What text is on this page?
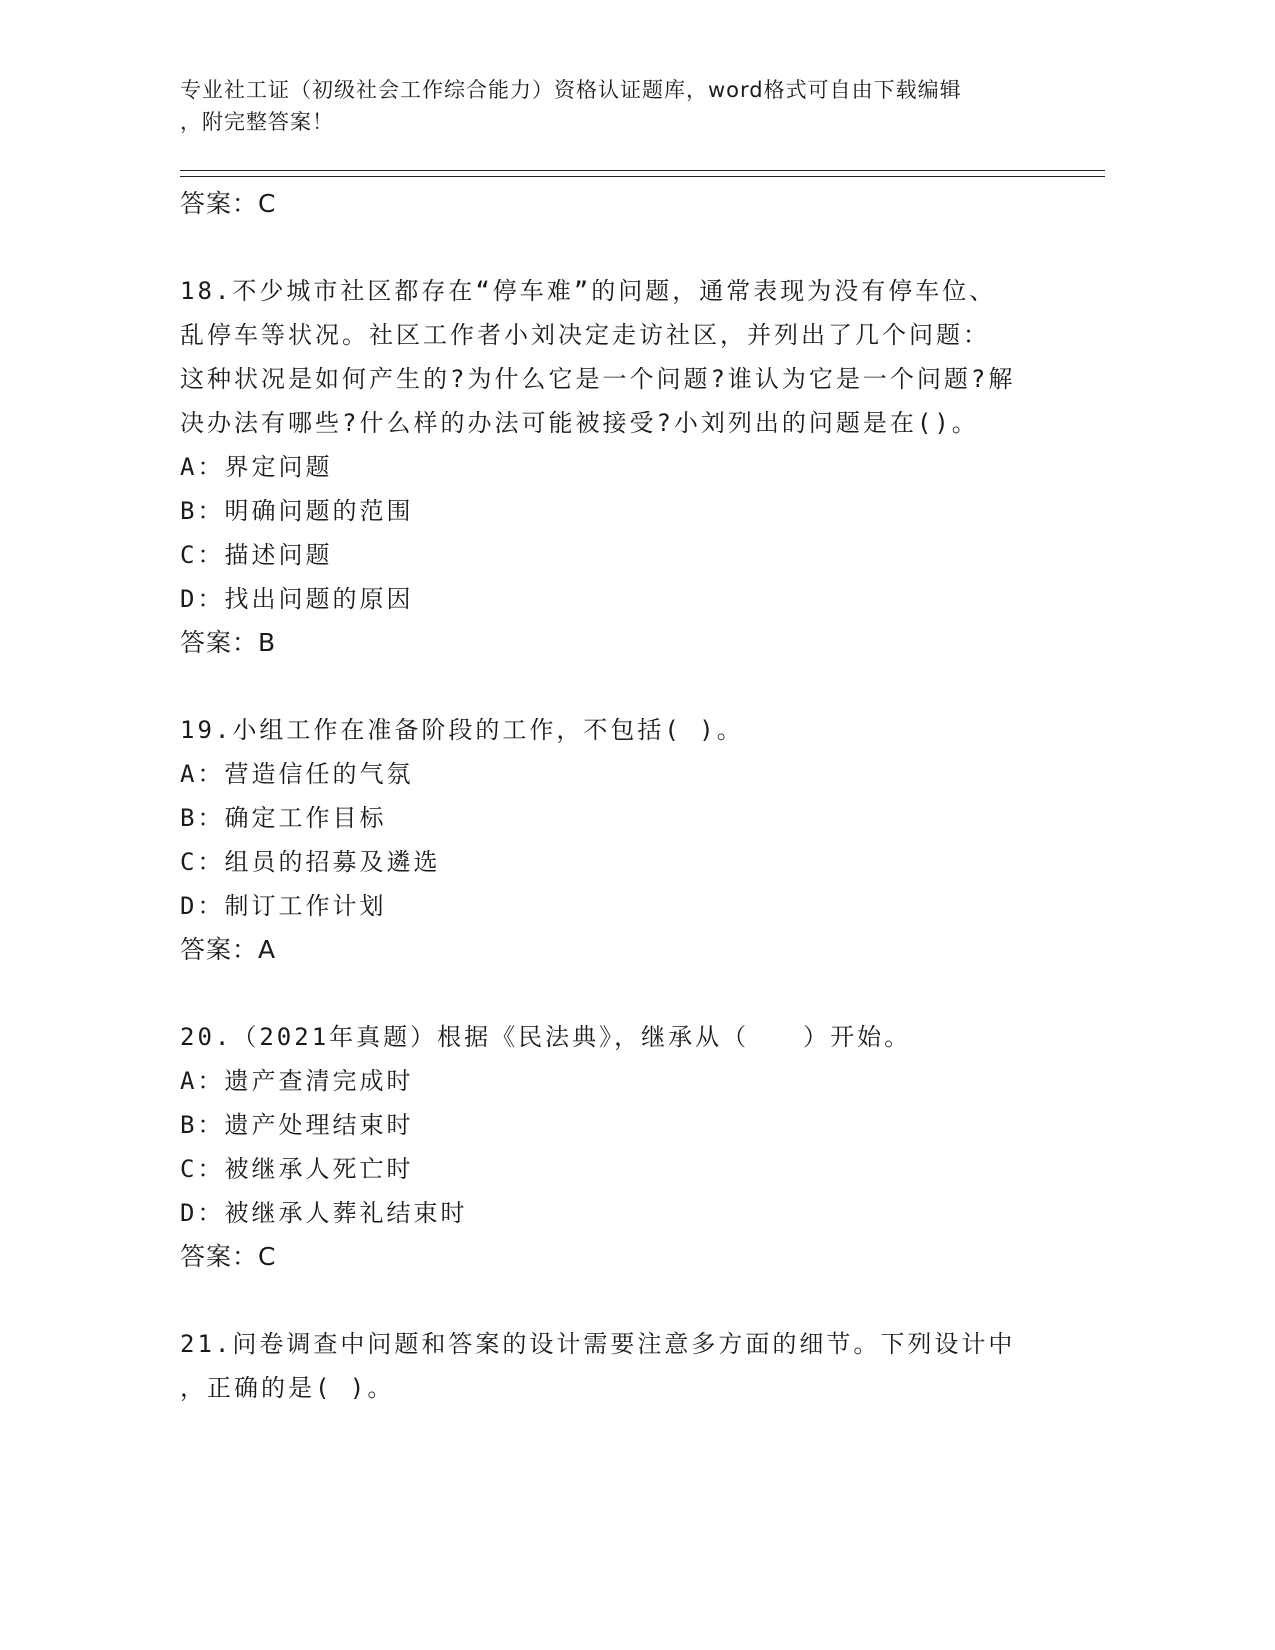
专业社工证（初级社会工作综合能力）资格认证题库，word格式可自由下载编辑
，附完整答案！
答案：C
18.不少城市社区都存在“停车难”的问题，通常表现为没有停车位、
乱停车等状况。社区工作者小刘决定走访社区，并列出了几个问题：
这种状况是如何产生的?为什么它是一个问题?谁认为它是一个问题?解
决办法有哪些?什么样的办法可能被接受?小刘列出的问题是在()。
A：界定问题
B：明确问题的范围
C：描述问题
D：找出问题的原因
答案：B
19.小组工作在准备阶段的工作，不包括( )。
A：营造信任的气氛
B：确定工作目标
C：组员的招募及遴选
D：制订工作计划
答案：A
20.（2021年真题）根据《民法典》，继承从（　　）开始。
A：遗产查清完成时
B：遗产处理结束时
C：被继承人死亡时
D：被继承人葬礼结束时
答案：C
21.问卷调查中问题和答案的设计需要注意多方面的细节。下列设计中
，正确的是( )。
